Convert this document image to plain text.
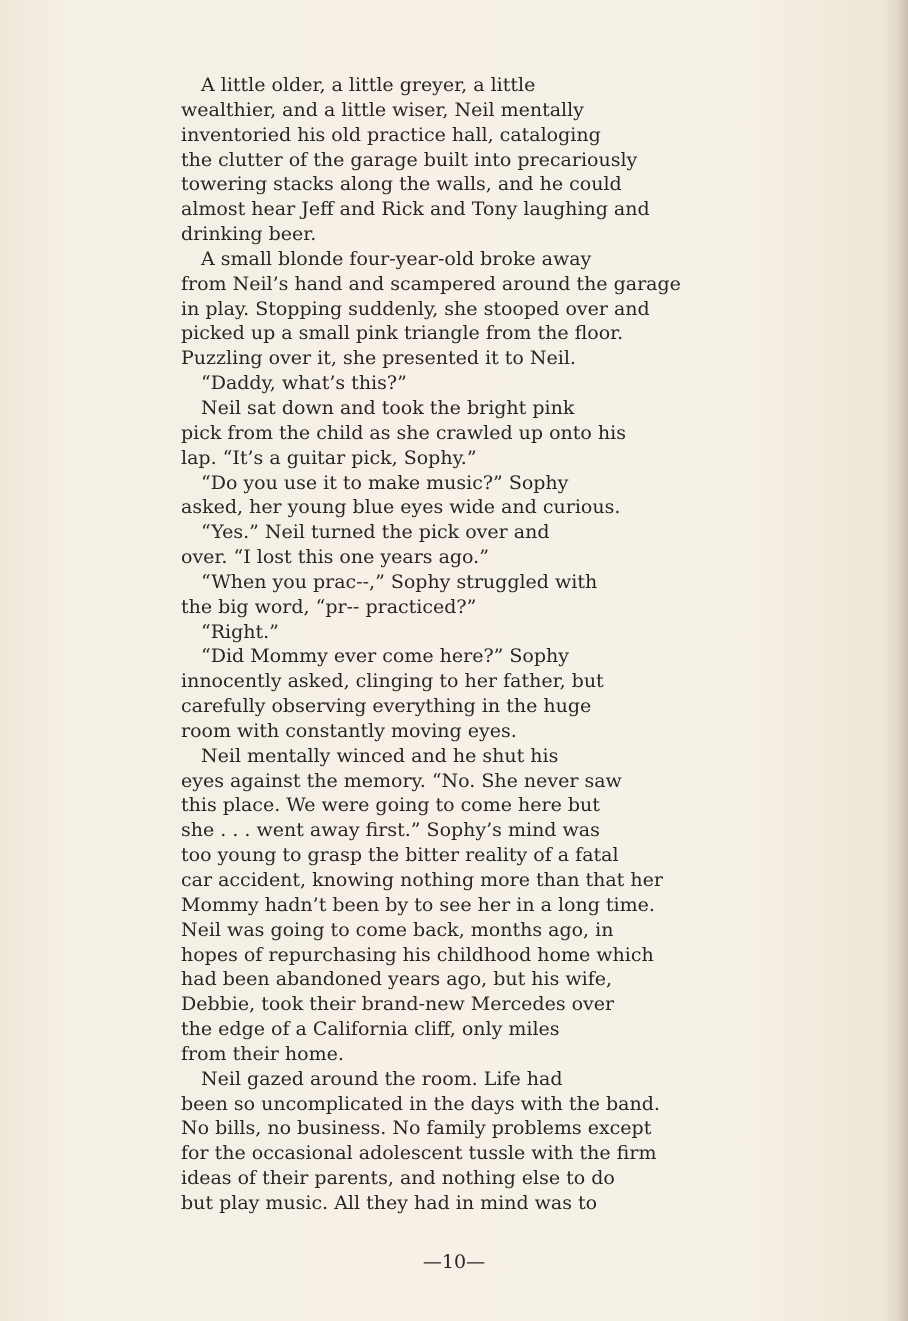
A little older, a little greyer, a little
wealthier, and a little wiser, Neil mentally
inventoried his old practice hall, cataloging
the clutter of the garage built into precariously
towering stacks along the walls, and he could
almost hear Jeff and Rick and Tony laughing and
drinking beer.
A small blonde four-year-old broke away
from Neil’s hand and scampered around the garage
in play. Stopping suddenly, she stooped over and
picked up a small pink triangle from the floor.
Puzzling over it, she presented it to Neil.
“Daddy, what’s this?”
Neil sat down and took the bright pink
pick from the child as she crawled up onto his
lap. “It’s a guitar pick, Sophy.”
“Do you use it to make music?” Sophy
asked, her young blue eyes wide and curious.
“Yes.” Neil turned the pick over and
over. “I lost this one years ago.”
“When you prac--,” Sophy struggled with
the big word, “pr-- practiced?”
“Right.”
“Did Mommy ever come here?” Sophy
innocently asked, clinging to her father, but
carefully observing everything in the huge
room with constantly moving eyes.
Neil mentally winced and he shut his
eyes against the memory. “No. She never saw
this place. We were going to come here but
she . . . went away first.” Sophy’s mind was
too young to grasp the bitter reality of a fatal
car accident, knowing nothing more than that her
Mommy hadn’t been by to see her in a long time.
Neil was going to come back, months ago, in
hopes of repurchasing his childhood home which
had been abandoned years ago, but his wife,
Debbie, took their brand-new Mercedes over
the edge of a California cliff, only miles
from their home.
Neil gazed around the room. Life had
been so uncomplicated in the days with the band.
No bills, no business. No family problems except
for the occasional adolescent tussle with the firm
ideas of their parents, and nothing else to do
but play music. All they had in mind was to
—10—
